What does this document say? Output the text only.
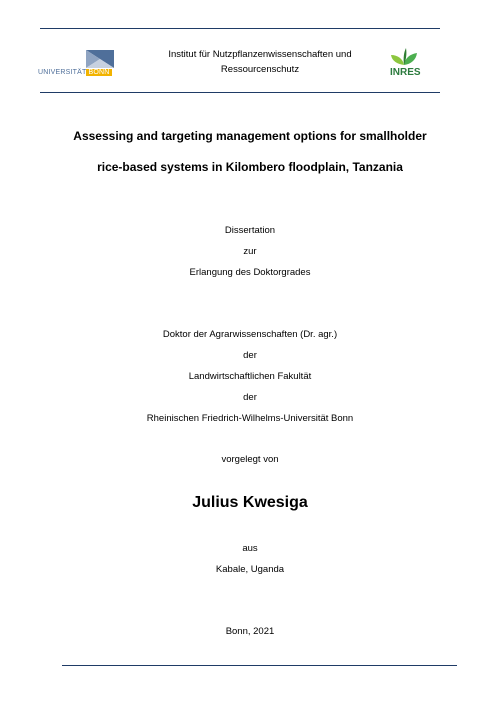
UNIVERSITÄT BONN
Institut für Nutzpflanzenwissenschaften und
Ressourcenschutz	INRES
Assessing and targeting management options for smallholder
rice-based systems in Kilombero floodplain, Tanzania
Dissertation
zur
Erlangung des Doktorgrades
Doktor der Agrarwissenschaften (Dr. agr.)
der
Landwirtschaftlichen Fakultät
der
Rheinischen Friedrich-Wilhelms-Universität Bonn
vorgelegt von
Julius Kwesiga
aus
Kabale, Uganda
Bonn, 2021
